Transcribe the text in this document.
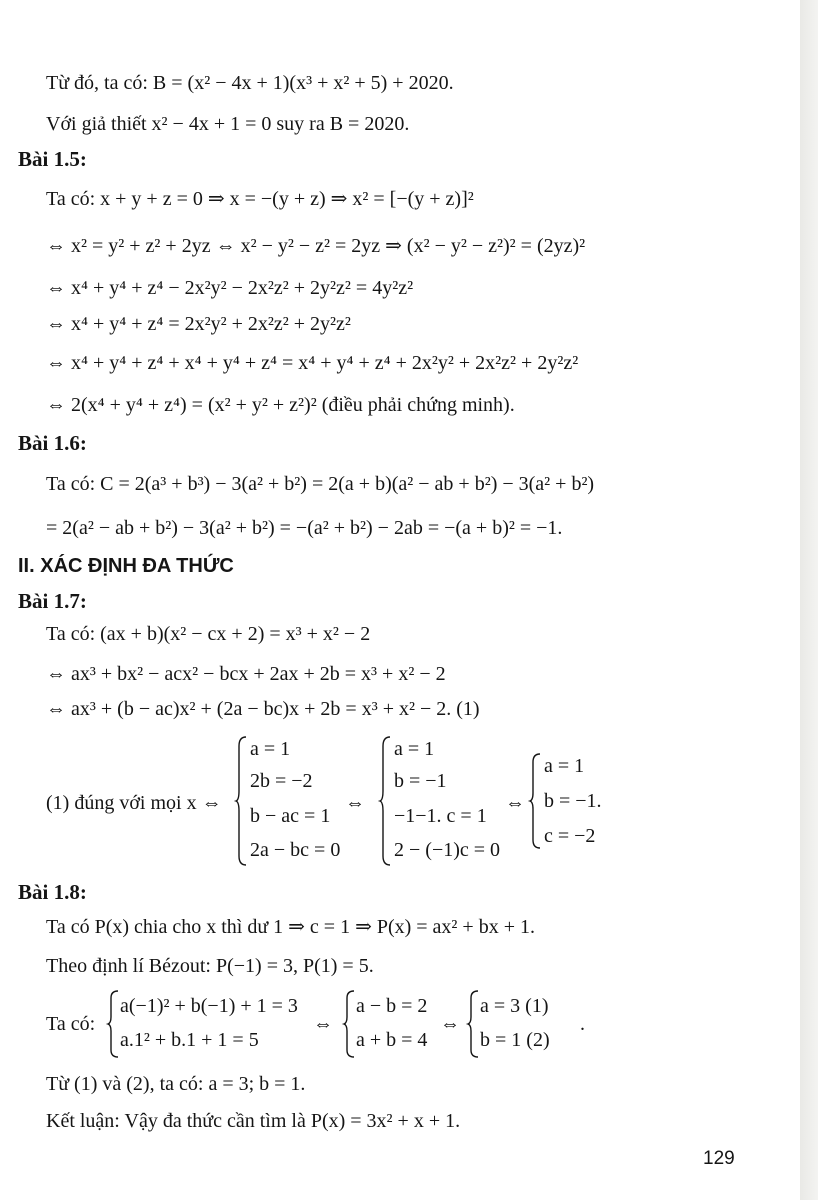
Từ đó, ta có: B = (x² − 4x + 1)(x³ + x² + 5) + 2020.
Với giả thiết x² − 4x + 1 = 0 suy ra B = 2020.
Bài 1.5:
Ta có: x + y + z = 0 ⇒ x = −(y + z) ⇒ x² = [−(y + z)]²
⇔ x² = y² + z² + 2yz ⇔ x² − y² − z² = 2yz ⇒ (x² − y² − z²)² = (2yz)²
⇔ x⁴ + y⁴ + z⁴ − 2x²y² − 2x²z² + 2y²z² = 4y²z²
⇔ x⁴ + y⁴ + z⁴ = 2x²y² + 2x²z² + 2y²z²
⇔ x⁴ + y⁴ + z⁴ + x⁴ + y⁴ + z⁴ = x⁴ + y⁴ + z⁴ + 2x²y² + 2x²z² + 2y²z²
⇔ 2(x⁴ + y⁴ + z⁴) = (x² + y² + z²)² (điều phải chứng minh).
Bài 1.6:
Ta có: C = 2(a³ + b³) − 3(a² + b²) = 2(a + b)(a² − ab + b²) − 3(a² + b²)
= 2(a² − ab + b²) − 3(a² + b²) = −(a² + b²) − 2ab = −(a + b)² = −1.
II. XÁC ĐỊNH ĐA THỨC
Bài 1.7:
Ta có: (ax + b)(x² − cx + 2) = x³ + x² − 2
⇔ ax³ + bx² − acx² − bcx + 2ax + 2b = x³ + x² − 2
⇔ ax³ + (b − ac)x² + (2a − bc)x + 2b = x³ + x² − 2. (1)
(1) đúng với mọi x ⇔
a = 1
2b = −2
b − ac = 1
2a − bc = 0
⇔
a = 1
b = −1
−1−1. c = 1
2 − (−1)c = 0
⇔
a = 1
b = −1.
c = −2
Bài 1.8:
Ta có P(x) chia cho x thì dư 1 ⇒ c = 1 ⇒ P(x) = ax² + bx + 1.
Theo định lí Bézout: P(−1) = 3, P(1) = 5.
Ta có:
a(−1)² + b(−1) + 1 = 3
a.1² + b.1 + 1 = 5
⇔
a − b = 2
a + b = 4
⇔
a = 3 (1)
b = 1 (2)
.
Từ (1) và (2), ta có: a = 3; b = 1.
Kết luận: Vậy đa thức cần tìm là P(x) = 3x² + x + 1.
129
